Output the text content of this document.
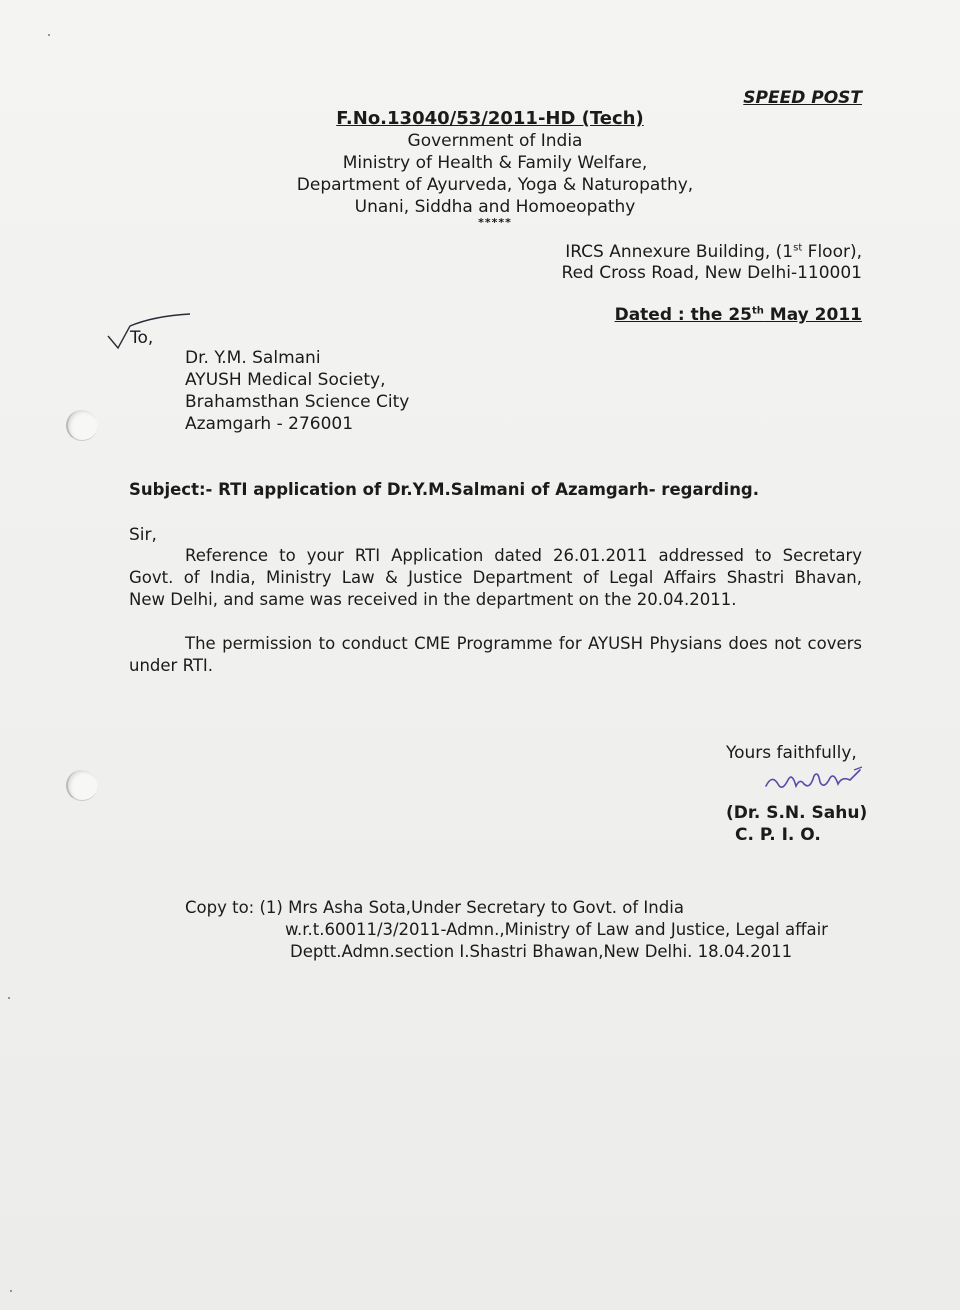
SPEED POST
F.No.13040/53/2011-HD (Tech)
Government of India
Ministry of Health & Family Welfare,
Department of Ayurveda, Yoga & Naturopathy,
Unani, Siddha and Homoeopathy
*****
IRCS Annexure Building, (1st Floor),
Red Cross Road, New Delhi-110001
Dated : the 25th May 2011
To,
Dr. Y.M. Salmani
AYUSH Medical Society,
Brahamsthan Science City
Azamgarh - 276001
Subject:- RTI application of Dr.Y.M.Salmani of Azamgarh- regarding.
Sir,
Reference to your RTI Application dated 26.01.2011 addressed to Secretary
Govt. of India, Ministry Law & Justice Department of Legal Affairs Shastri Bhavan,
New Delhi, and same was received in the department on the 20.04.2011.
The permission to conduct CME Programme for AYUSH Physians does not covers
under RTI.
Yours faithfully,
(Dr. S.N. Sahu)
C. P. I. O.
Copy to: (1) Mrs Asha Sota,Under Secretary to Govt. of India
w.r.t.60011/3/2011-Admn.,Ministry of Law and Justice, Legal affair
Deptt.Admn.section I.Shastri Bhawan,New Delhi. 18.04.2011
